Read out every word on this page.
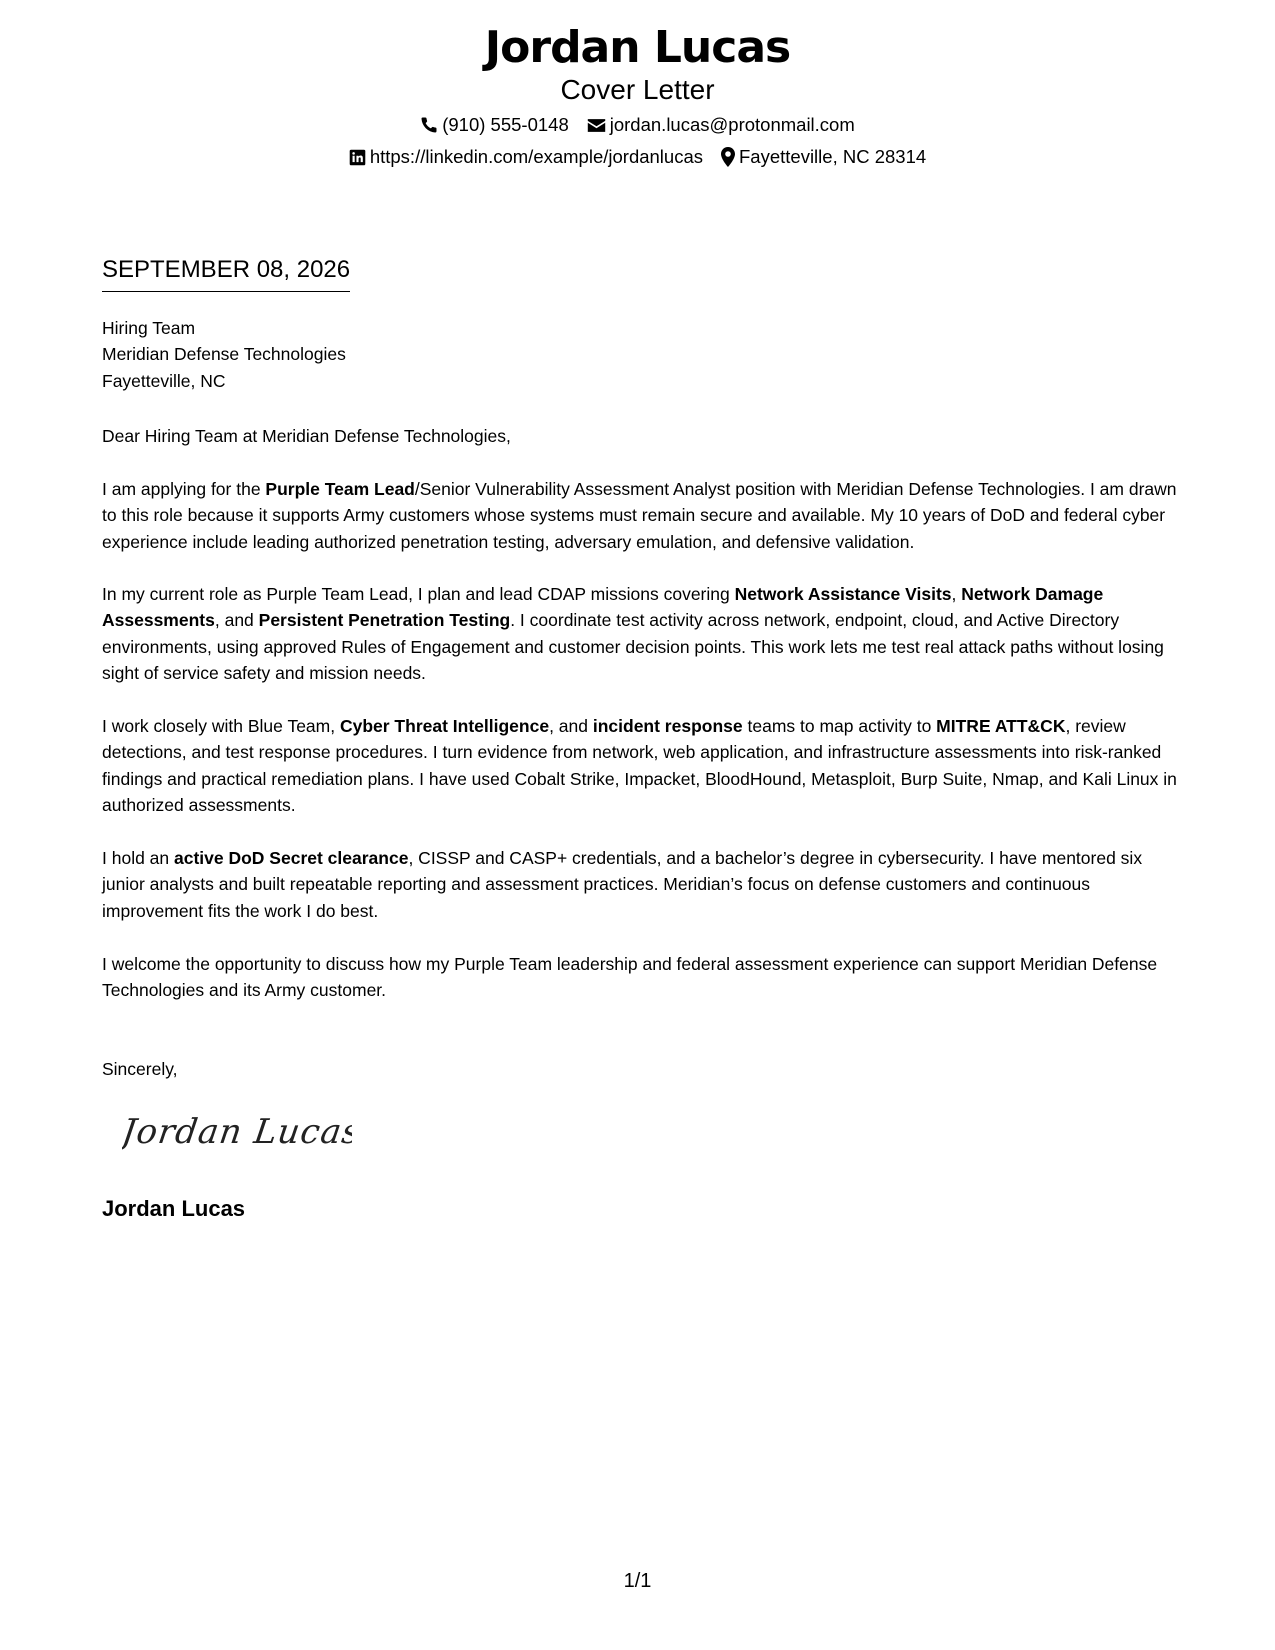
Jordan Lucas
Cover Letter
(910) 555-0148 jordan.lucas@protonmail.com
https://linkedin.com/example/jordanlucas Fayetteville, NC 28314
SEPTEMBER 08, 2026
Hiring Team
Meridian Defense Technologies
Fayetteville, NC
Dear Hiring Team at Meridian Defense Technologies,
I am applying for the Purple Team Lead/Senior Vulnerability Assessment Analyst position with Meridian Defense Technologies. I am drawn to this role because it supports Army customers whose systems must remain secure and available. My 10 years of DoD and federal cyber experience include leading authorized penetration testing, adversary emulation, and defensive validation.
In my current role as Purple Team Lead, I plan and lead CDAP missions covering Network Assistance Visits, Network Damage Assessments, and Persistent Penetration Testing. I coordinate test activity across network, endpoint, cloud, and Active Directory environments, using approved Rules of Engagement and customer decision points. This work lets me test real attack paths without losing sight of service safety and mission needs.
I work closely with Blue Team, Cyber Threat Intelligence, and incident response teams to map activity to MITRE ATT&CK, review detections, and test response procedures. I turn evidence from network, web application, and infrastructure assessments into risk-ranked findings and practical remediation plans. I have used Cobalt Strike, Impacket, BloodHound, Metasploit, Burp Suite, Nmap, and Kali Linux in authorized assessments.
I hold an active DoD Secret clearance, CISSP and CASP+ credentials, and a bachelor’s degree in cybersecurity. I have mentored six junior analysts and built repeatable reporting and assessment practices. Meridian’s focus on defense customers and continuous improvement fits the work I do best.
I welcome the opportunity to discuss how my Purple Team leadership and federal assessment experience can support Meridian Defense Technologies and its Army customer.
Sincerely,
Jordan Lucas
Jordan Lucas
1/1
